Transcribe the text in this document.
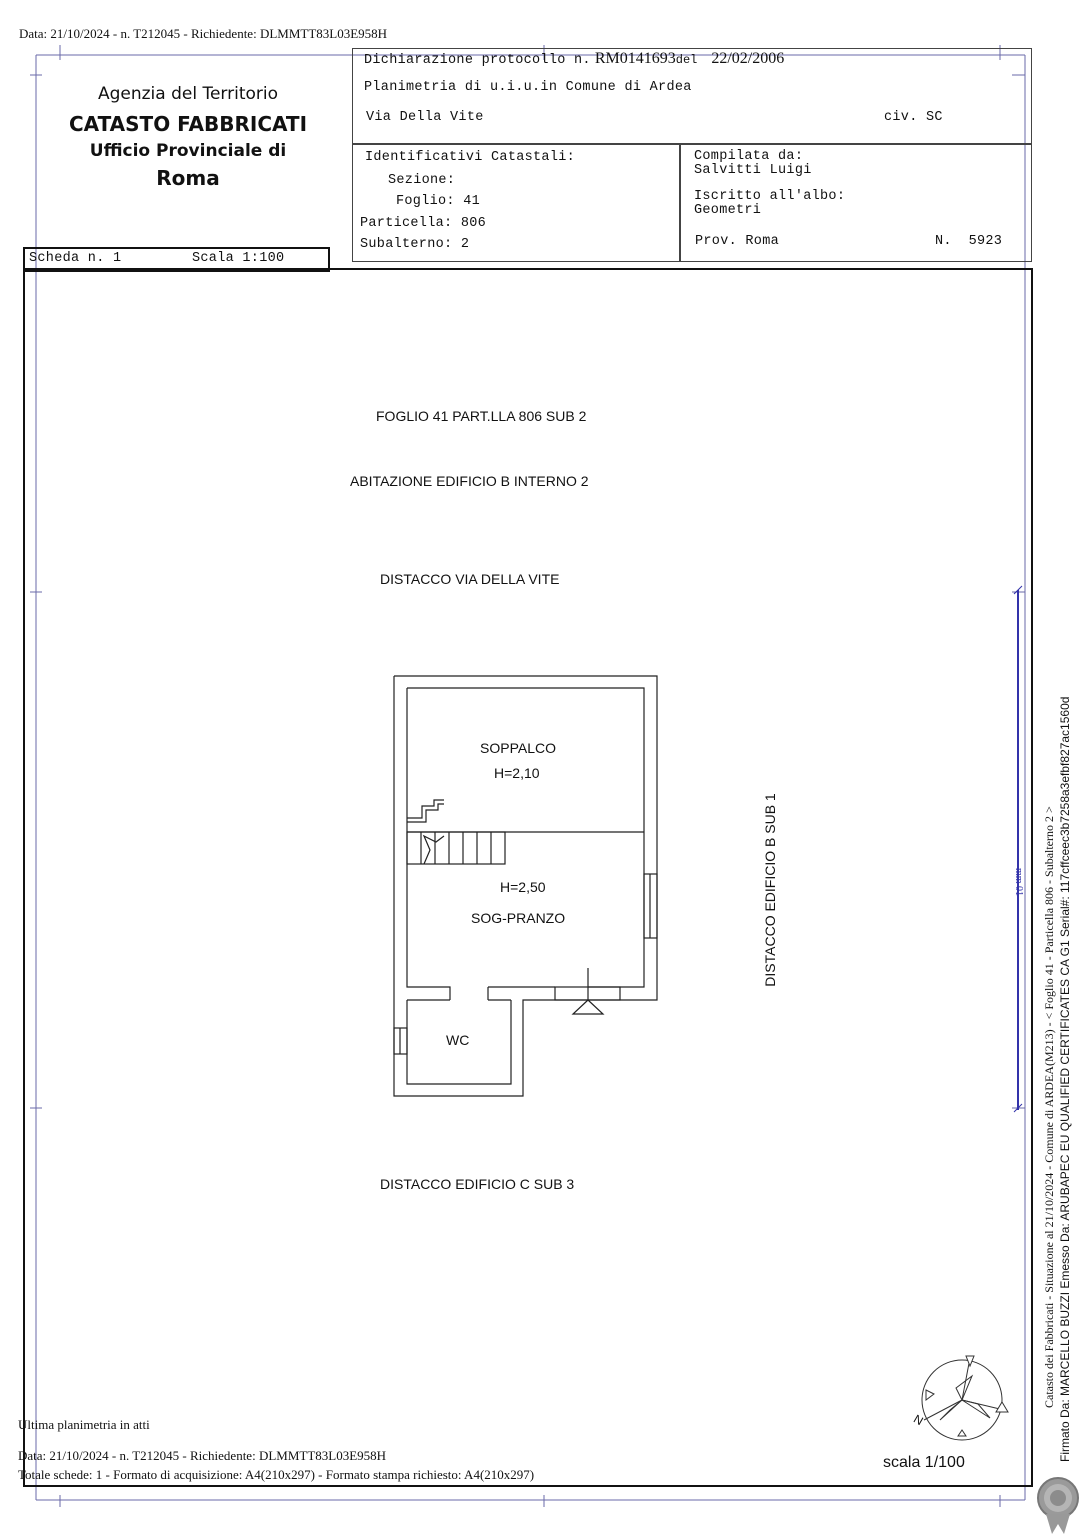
Data: 21/10/2024 - n. T212045 - Richiedente: DLMMTT83L03E958H
Agenzia del Territorio
CATASTO FABBRICATI
Ufficio Provinciale di
Roma
Dichiarazione protocollo n. RM0141693del 22/02/2006
Planimetria di u.i.u.in Comune di Ardea
Via Della Vite	civ. SC
Identificativi Catastali:
Sezione:
Foglio: 41
Particella: 806
Subalterno: 2
Compilata da:
Salvitti Luigi
Iscritto all'albo:
Geometri
Prov. Roma	N.  5923
Scheda n. 1	Scala 1:100
FOGLIO 41 PART.LLA 806 SUB 2
ABITAZIONE EDIFICIO B INTERNO 2
DISTACCO VIA DELLA VITE
DISTACCO EDIFICIO C SUB 3
DISTACCO EDIFICIO B SUB 1
SOPPALCO
H=2,10
H=2,50
SOG-PRANZO
WC
N
scala 1/100
Catasto dei Fabbricati - Situazione al 21/10/2024 - Comune di ARDEA(M213) - < Foglio 41 - Particella 806 - Subalterno 2 > Firmato Da: MARCELLO BUZZI Emesso Da: ARUBAPEC EU QUALIFIED CERTIFICATES CA G1 Serial#: 117cffceec3b7258a3efbf827ac1560d
mm 01
Ultima planimetria in atti
Data: 21/10/2024 - n. T212045 - Richiedente: DLMMTT83L03E958H
Totale schede: 1 - Formato di acquisizione: A4(210x297) - Formato stampa richiesto: A4(210x297)
